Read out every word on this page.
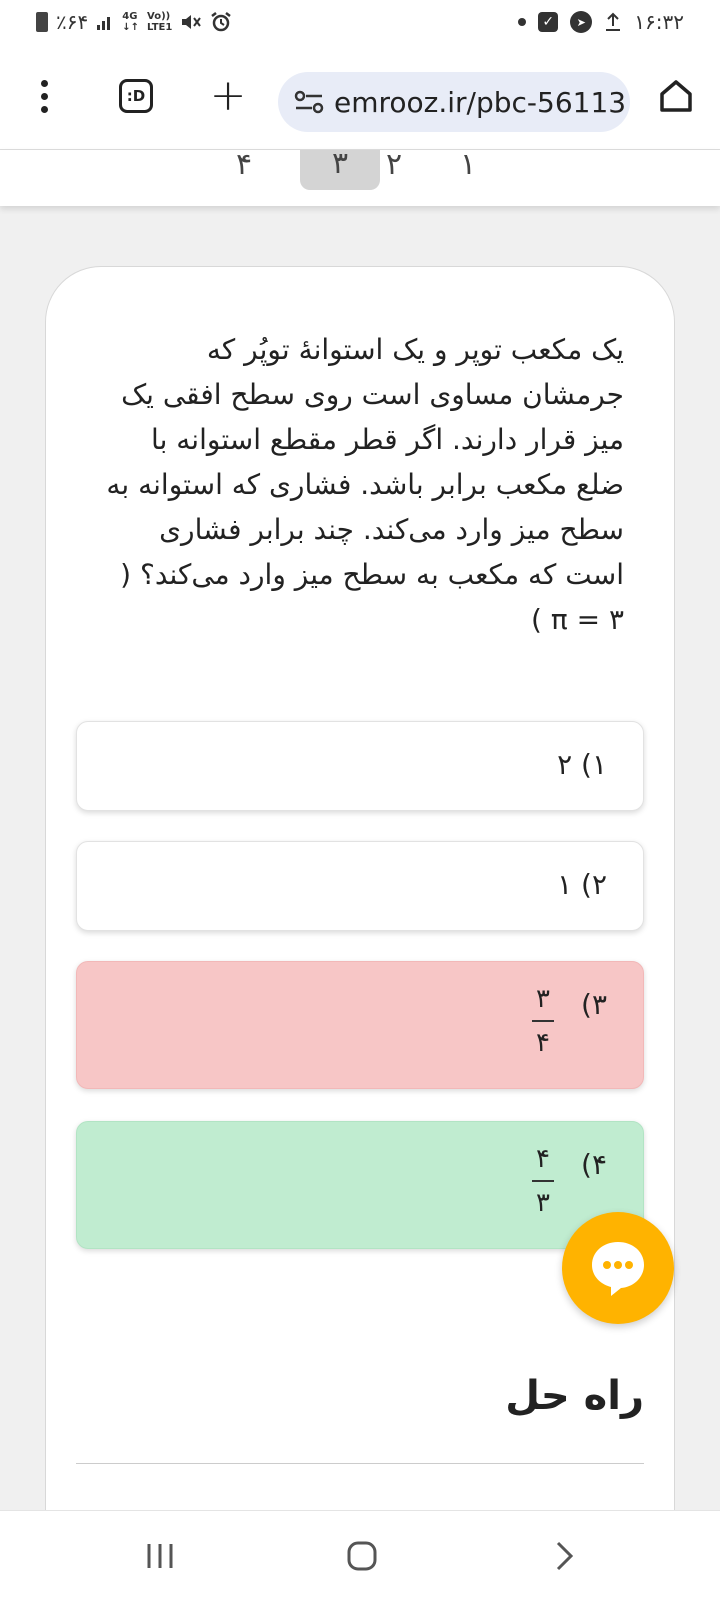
٪۶۴	4G
↓↑
Vo))
LTE1	✓	➤	۱۶:۳۲
:D +	emrooz.ir/pbc-56113
۱
۲
۳
۴
یک مکعب توپر و یک استوانهٔ توپُر که جرمشان مساوی است روی سطح افقی یک میز قرار دارند. اگر قطر مقطع استوانه با ضلع مکعب برابر باشد. فشاری که استوانه به سطح میز وارد می‌کند. چند برابر فشاری است که مکعب به سطح میز وارد می‌کند؟ ( π = ۳ )
۱) ۲
۲) ۱
۳)
۳
۴
۴)
۴
۳
راه حل
